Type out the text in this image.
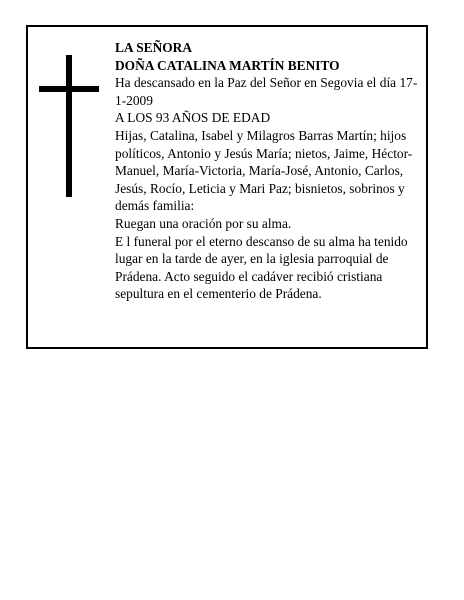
LA SEÑORA

DOÑA CATALINA MARTÍN BENITO

Ha descansado en la Paz del Señor en Segovia el día 17-1-2009

A LOS 93 AÑOS DE EDAD

Hijas, Catalina, Isabel y Milagros Barras Martín; hijos políticos, Antonio y Jesús María; nietos, Jaime, Héctor-Manuel, María-Victoria, María-José, Antonio, Carlos, Jesús, Rocío, Leticia y Mari Paz; bisnietos, sobrinos y demás familia:

Ruegan una oración por su alma.

E l funeral por el eterno descanso de su alma ha tenido lugar en la tarde de ayer, en la iglesia parroquial de Prádena. Acto seguido el cadáver recibió cristiana sepultura en el cementerio de Prádena.
